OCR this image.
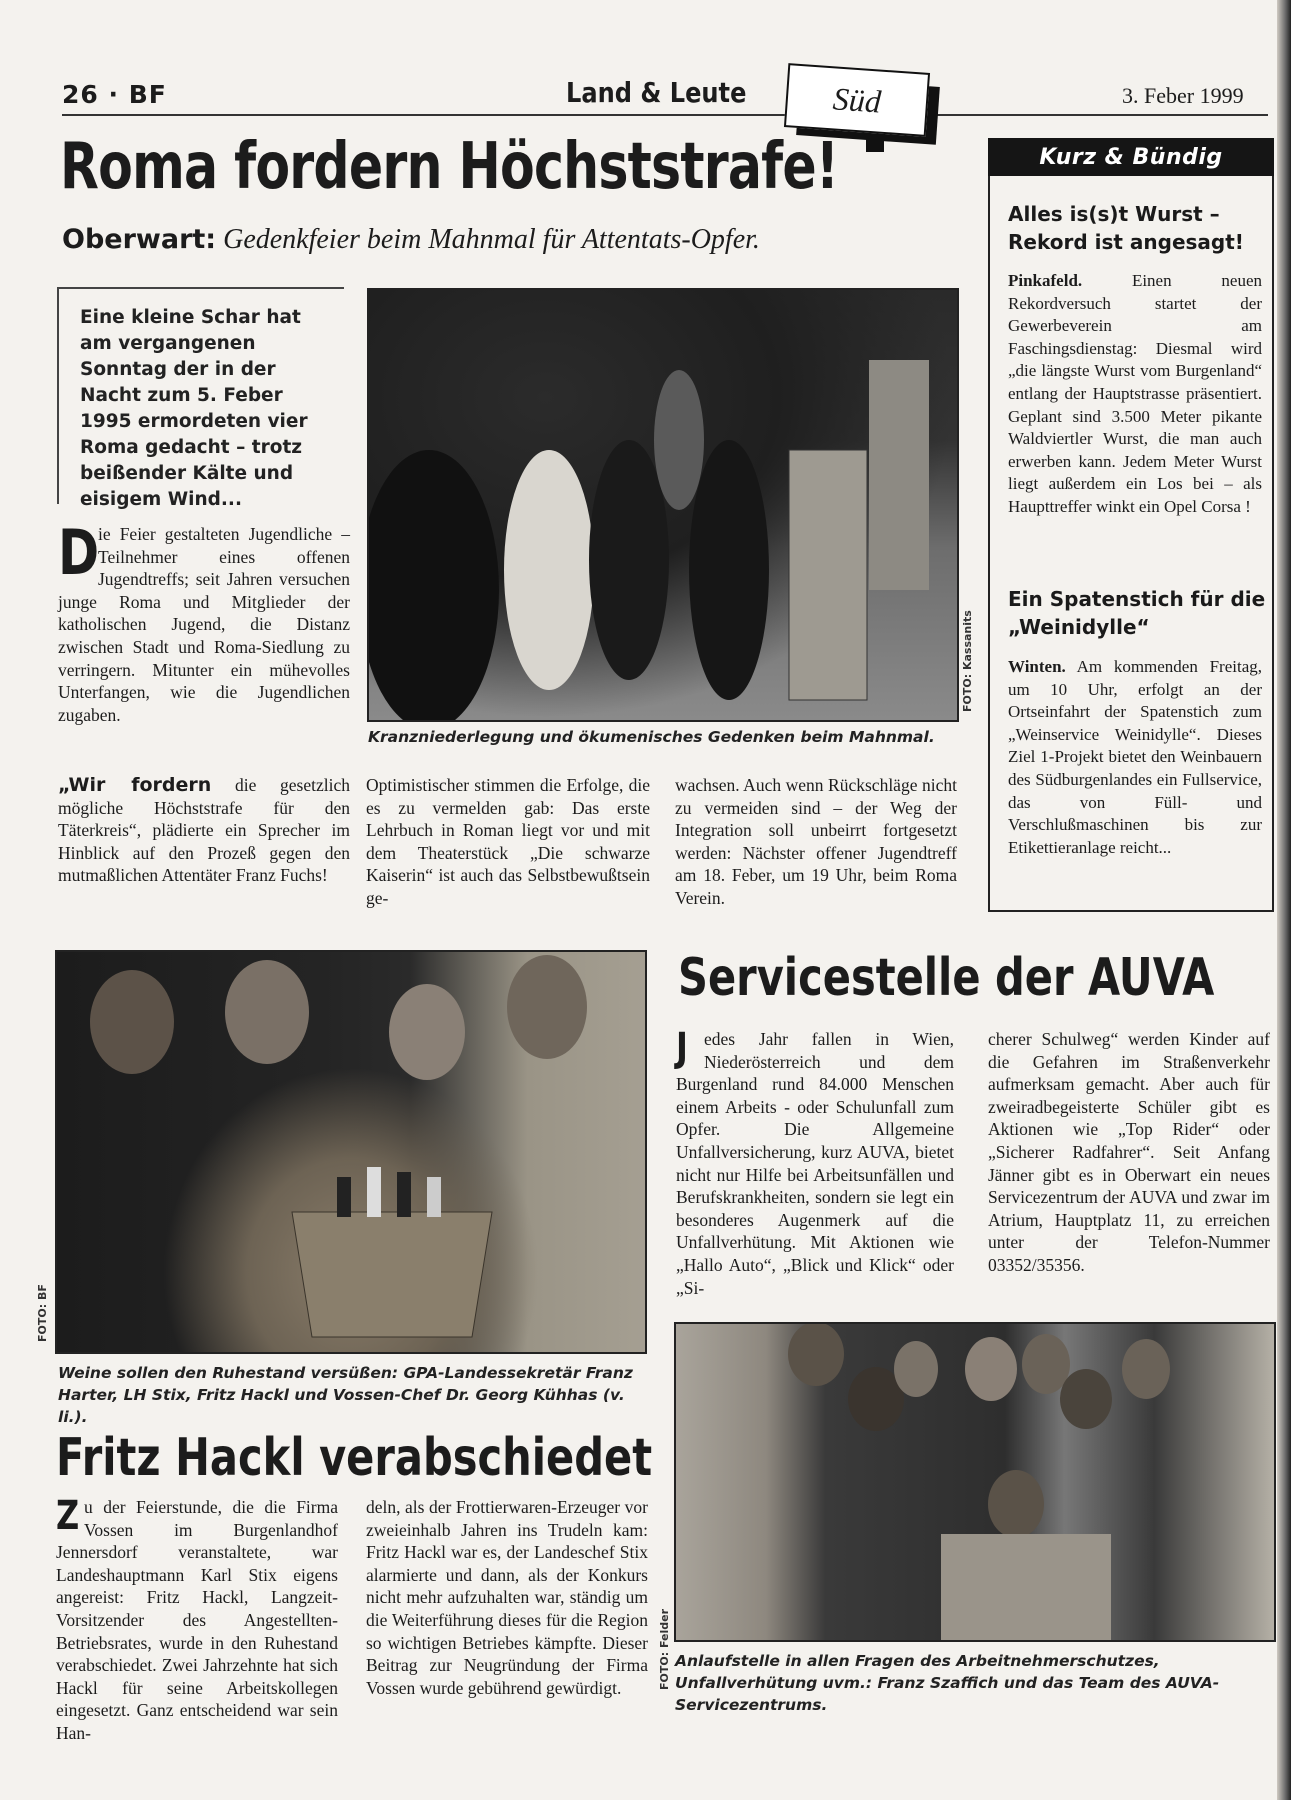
26 · BF	Land & Leute	Süd	3. Feber 1999
Roma fordern Höchststrafe!
Oberwart: Gedenkfeier beim Mahnmal für Attentats-Opfer.
Eine kleine Schar hat am vergangenen Sonntag der in der Nacht zum 5. Feber 1995 ermordeten vier Roma gedacht – trotz beißender Kälte und eisigem Wind...
D
ie Feier gestalteten Jugendliche – Teilnehmer eines offenen Jugendtreffs; seit Jahren versuchen junge Roma und Mitglieder der katholischen Jugend, die Distanz zwischen Stadt und Roma-Siedlung zu verringern. Mitunter ein mühevolles Unterfangen, wie die Jugendlichen zugaben.
„Wir fordern die gesetzlich mögliche Höchststrafe für den Täterkreis“, plädierte ein Sprecher im Hinblick auf den Prozeß gegen den mutmaßlichen Attentäter Franz Fuchs!
Optimistischer stimmen die Erfolge, die es zu vermelden gab: Das erste Lehrbuch in Roman liegt vor und mit dem Theaterstück „Die schwarze Kaiserin“ ist auch das Selbstbewußtsein ge-
wachsen. Auch wenn Rückschläge nicht zu vermeiden sind – der Weg der Integration soll unbeirrt fortgesetzt werden: Nächster offener Jugendtreff am 18. Feber, um 19 Uhr, beim Roma Verein.
FOTO: Kassanits
Kranzniederlegung und ökumenisches Gedenken beim Mahnmal.
Kurz & Bündig
Alles is(s)t Wurst – Rekord ist angesagt!
Pinkafeld. Einen neuen Rekordversuch startet der Gewerbeverein am Faschingsdienstag: Diesmal wird „die längste Wurst vom Burgenland“ entlang der Hauptstrasse präsentiert. Geplant sind 3.500 Meter pikante Waldviertler Wurst, die man auch erwerben kann. Jedem Meter Wurst liegt außerdem ein Los bei – als Haupttreffer winkt ein Opel Corsa !
Ein Spatenstich für die „Weinidylle“
Winten. Am kommenden Freitag, um 10 Uhr, erfolgt an der Ortseinfahrt der Spatenstich zum „Weinservice Weinidylle“. Dieses Ziel 1-Projekt bietet den Weinbauern des Südburgenlandes ein Fullservice, das von Füll- und Verschlußmaschinen bis zur Etikettieranlage reicht...
FOTO: BF
Weine sollen den Ruhestand versüßen: GPA-Landessekretär Franz Harter, LH Stix, Fritz Hackl und Vossen-Chef Dr. Georg Kühhas (v. li.).
Fritz Hackl verabschiedet
Zu der Feierstunde, die die Firma Vossen im Burgenlandhof Jennersdorf veranstaltete, war Landeshauptmann Karl Stix eigens angereist: Fritz Hackl, Langzeit-Vorsitzender des Angestellten-Betriebsrates, wurde in den Ruhestand verabschiedet. Zwei Jahrzehnte hat sich Hackl für seine Arbeitskollegen eingesetzt. Ganz entscheidend war sein Han-
deln, als der Frottierwaren-Erzeuger vor zweieinhalb Jahren ins Trudeln kam: Fritz Hackl war es, der Landeschef Stix alarmierte und dann, als der Konkurs nicht mehr aufzuhalten war, ständig um die Weiterführung dieses für die Region so wichtigen Betriebes kämpfte. Dieser Beitrag zur Neugründung der Firma Vossen wurde gebührend gewürdigt.
Servicestelle der AUVA
Jedes Jahr fallen in Wien, Niederösterreich und dem Burgenland rund 84.000 Menschen einem Arbeits - oder Schulunfall zum Opfer. Die Allgemeine Unfallversicherung, kurz AUVA, bietet nicht nur Hilfe bei Arbeitsunfällen und Berufskrankheiten, sondern sie legt ein besonderes Augenmerk auf die Unfallverhütung. Mit Aktionen wie „Hallo Auto“, „Blick und Klick“ oder „Si-
cherer Schulweg“ werden Kinder auf die Gefahren im Straßenverkehr aufmerksam gemacht. Aber auch für zweiradbegeisterte Schüler gibt es Aktionen wie „Top Rider“ oder „Sicherer Radfahrer“. Seit Anfang Jänner gibt es in Oberwart ein neues Servicezentrum der AUVA und zwar im Atrium, Hauptplatz 11, zu erreichen unter der Telefon-Nummer 03352/35356.
FOTO: Felder Anlaufstelle in allen Fragen des Arbeitnehmerschutzes, Unfallverhütung uvm.: Franz Szaffich und das Team des AUVA-Servicezentrums.
